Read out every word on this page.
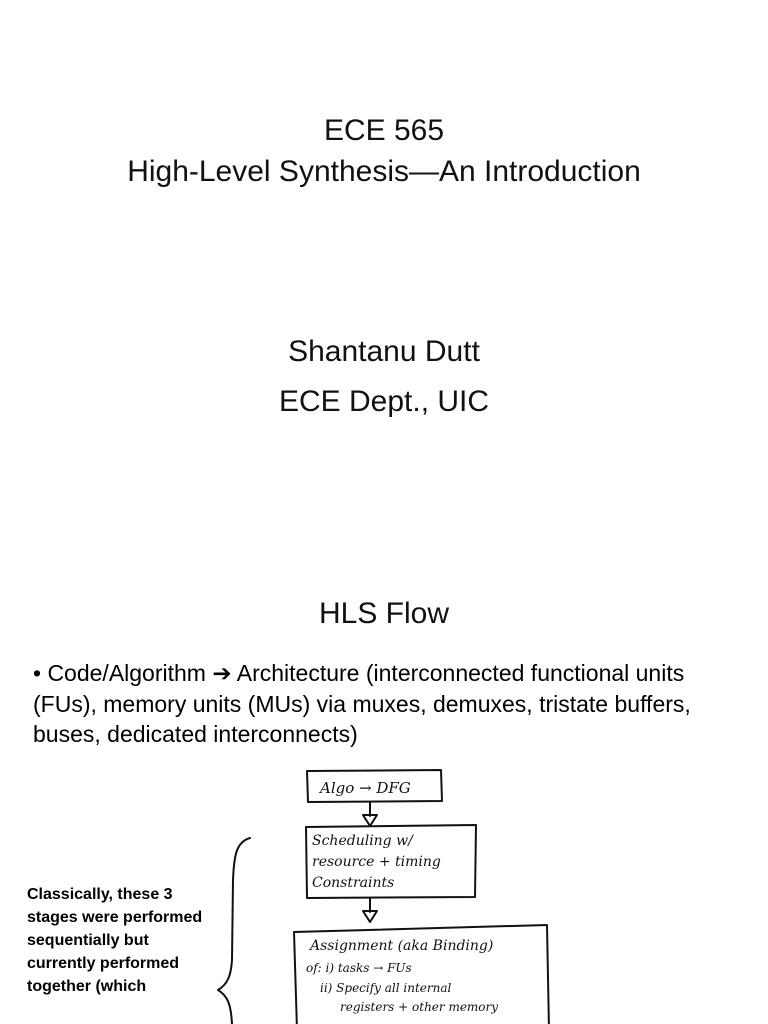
ECE 565
High-Level Synthesis—An Introduction
Shantanu Dutt
ECE Dept., UIC
HLS Flow
• Code/Algorithm ➔ Architecture (interconnected functional units (FUs), memory units (MUs) via muxes, demuxes, tristate buffers, buses, dedicated interconnects)
Classically, these 3 stages were performed sequentially but currently performed together (which
Algo → DFG
Scheduling w/
resource + timing
Constraints
Assignment (aka Binding)
of: i) tasks → FUs
ii) Specify all internal
registers + other memory
